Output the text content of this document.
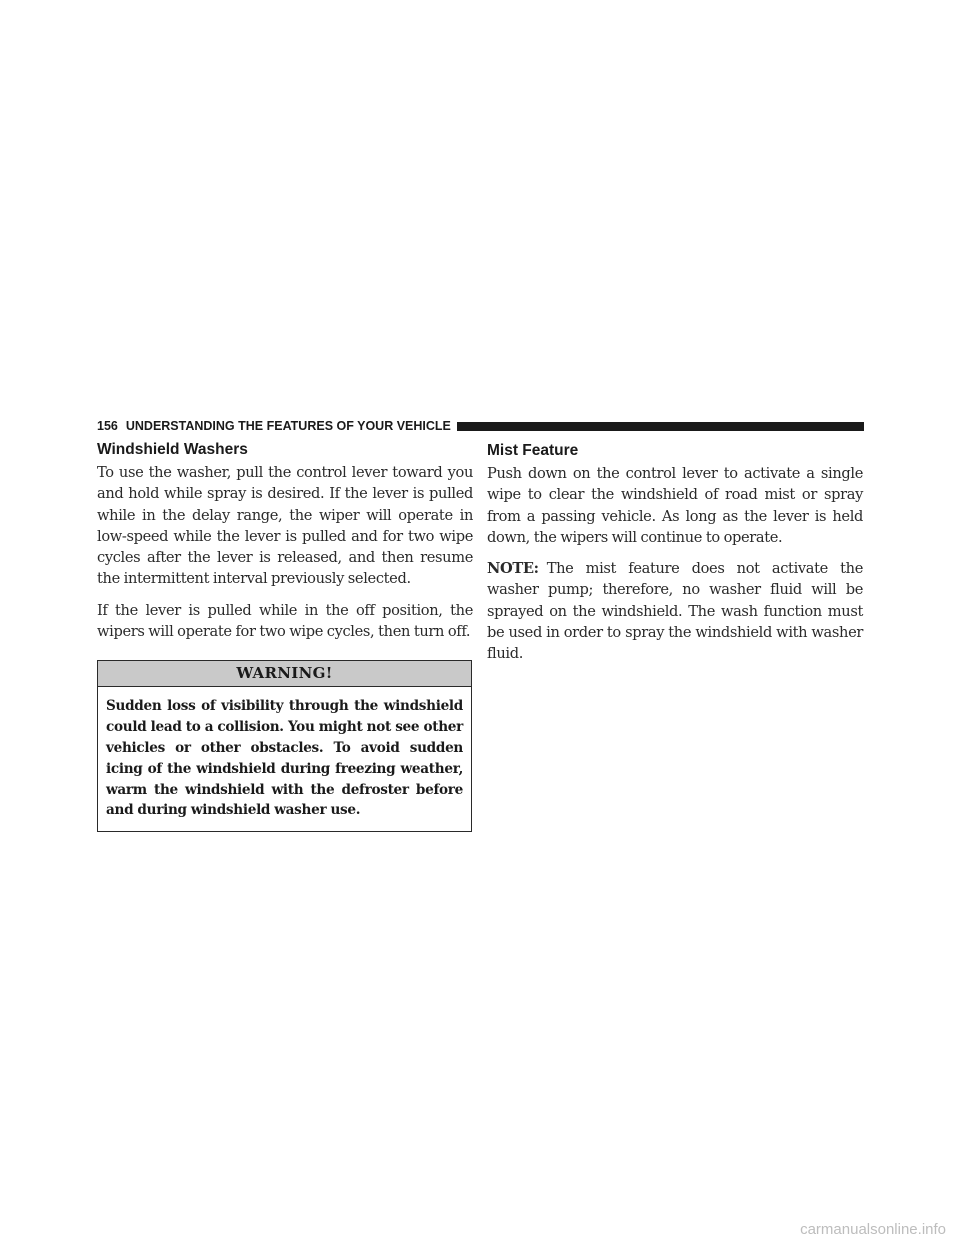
156 UNDERSTANDING THE FEATURES OF YOUR VEHICLE
Windshield Washers

To use the washer, pull the control lever toward you and hold while spray is desired. If the lever is pulled while in the delay range, the wiper will operate in low-speed while the lever is pulled and for two wipe cycles after the lever is released, and then resume the intermittent interval previously selected.

If the lever is pulled while in the off position, the wipers will operate for two wipe cycles, then turn off.

WARNING!
Sudden loss of visibility through the windshield could lead to a collision. You might not see other vehicles or other obstacles. To avoid sudden icing of the windshield during freezing weather, warm the windshield with the defroster before and during windshield washer use.
Mist Feature

Push down on the control lever to activate a single wipe to clear the windshield of road mist or spray from a passing vehicle. As long as the lever is held down, the wipers will continue to operate.

NOTE: The mist feature does not activate the washer pump; therefore, no washer fluid will be sprayed on the windshield. The wash function must be used in order to spray the windshield with washer fluid.

carmanualsonline.info
